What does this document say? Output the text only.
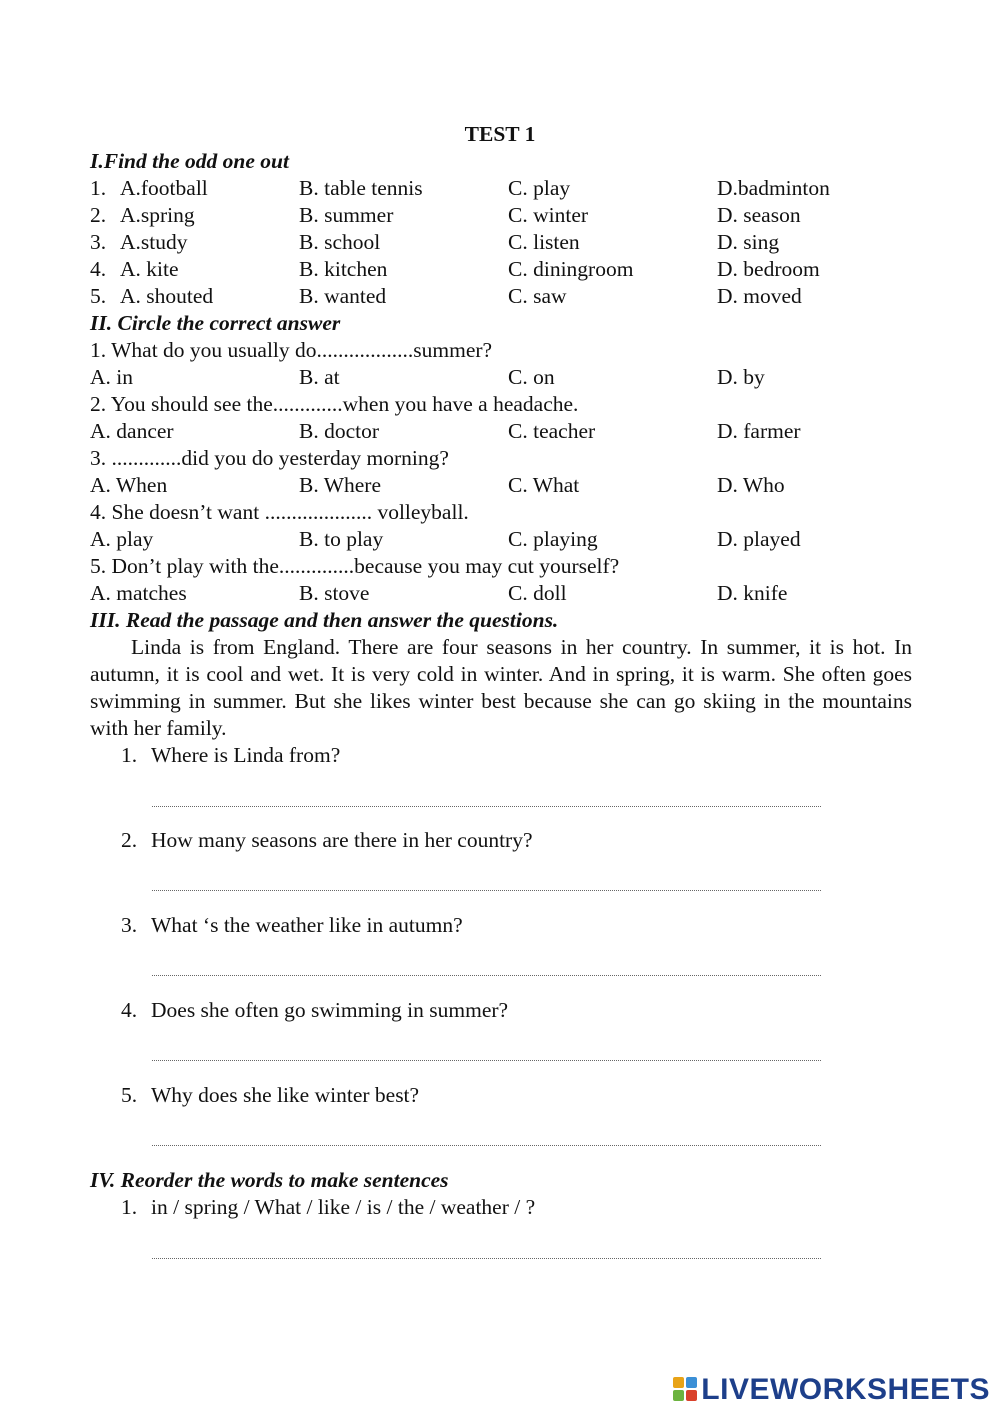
TEST 1
I.Find the odd one out
1. A.football	B. table tennis	C. play	D.badminton
2. A.spring	B. summer	C. winter	D. season
3. A.study	B. school	C. listen	D. sing
4. A. kite	B. kitchen	C. diningroom	D. bedroom
5. A. shouted	B. wanted	C. saw	D. moved
II. Circle the correct answer
1. What do you usually do..................summer?
A. in	B. at	C. on	D. by
2. You should see the.............when you have a headache.
A. dancer	B. doctor	C. teacher	D. farmer
3. .............did you do yesterday morning?
A. When	B. Where	C. What	D. Who
4. She doesn’t want .................... volleyball.
A. play	B. to play	C. playing	D. played
5. Don’t play with the..............because you may cut yourself?
A. matches	B. stove	C. doll	D. knife
III. Read the passage and then answer the questions.
Linda is from England. There are four seasons in her country. In summer, it is hot. In autumn, it is cool and wet. It is very cold in winter. And in spring, it is warm. She often goes swimming in summer. But she likes winter best because she can go skiing in the mountains with her family.
1. Where is Linda from?
2. How many seasons are there in her country?
3. What ‘s the weather like in autumn?
4. Does she often go swimming in summer?
5. Why does she like winter best?
IV. Reorder the words to make sentences
1. in / spring / What / like / is / the / weather / ?
LIVEWORKSHEETS
